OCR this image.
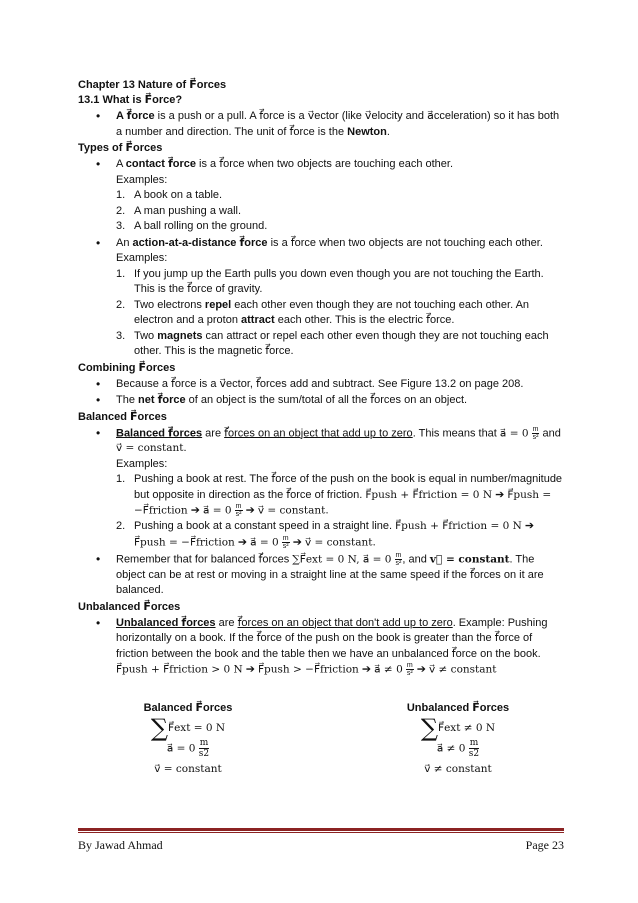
Chapter 13 Nature of F⃗orces
13.1 What is F⃗orce?
• A f⃗orce is a push or a pull. A f⃗orce is a v⃗ector (like v⃗elocity and a⃗cceleration) so it has both a number and direction. The unit of f⃗orce is the Newton.
Types of F⃗orces
• A contact f⃗orce is a f⃗orce when two objects are touching each other.
Examples:
1. A book on a table.
2. A man pushing a wall.
3. A ball rolling on the ground.
• An action-at-a-distance f⃗orce is a f⃗orce when two objects are not touching each other.
Examples:
1. If you jump up the Earth pulls you down even though you are not touching the Earth. This is the f⃗orce of gravity.
2. Two electrons repel each other even though they are not touching each other. An electron and a proton attract each other. This is the electric f⃗orce.
3. Two magnets can attract or repel each other even though they are not touching each other. This is the magnetic f⃗orce.
Combining F⃗orces
• Because a f⃗orce is a v⃗ector, f⃗orces add and subtract. See Figure 13.2 on page 208.
• The net f⃗orce of an object is the sum/total of all the f⃗orces on an object.
Balanced F⃗orces
• Balanced f⃗orces are f⃗orces on an object that add up to zero. This means that a⃗ = $0 \frac{m}{\text{s²}}$ and v⃗ = constant.
Examples:
1. Pushing a book at rest. The f⃗orce of the push on the book is equal in number/magnitude but opposite in direction as the f⃗orce of friction. F⃗push + F⃗friction = 0 N ➔ F⃗push = −F⃗friction ➔ a⃗ = $0 \frac{m}{\text{s²}}$ ➔ v⃗ = constant.
2. Pushing a book at a constant speed in a straight line. F⃗push + F⃗friction = 0 N ➔ F⃗push = −F⃗friction ➔ a⃗ = $0 \frac{m}{\text{s²}}$ ➔ v⃗ = constant.
• Remember that for balanced f⃗orces ∑F⃗ext = 0 N, a⃗ = $0 \frac{m}{\text{s²}}$ , and v⃗ = constant. The object can be at rest or moving in a straight line at the same speed if the f⃗orces on it are balanced.
Unbalanced F⃗orces
• Unbalanced f⃗orces are f⃗orces on an object that don't add up to zero. Example: Pushing horizontally on a book. If the f⃗orce of the push on the book is greater than the f⃗orce of friction between the book and the table then we have an unbalanced f⃗orce on the book.
F⃗push + F⃗friction > 0 N ➔ F⃗push > −F⃗friction ➔ a⃗ ≠ $0 \frac{m}{\text{s²}}$ ➔ v⃗ ≠ constant
Balanced F⃗orces
∑F⃗ext = 0 N
a⃗ = $0 \frac{m}{s2}$
v⃗ = constant
Unbalanced F⃗orces
∑F⃗ext ≠ 0 N
a⃗ ≠ $0 \frac{m}{s2}$
v⃗ ≠ constant
By Jawad Ahmad	Page 23
